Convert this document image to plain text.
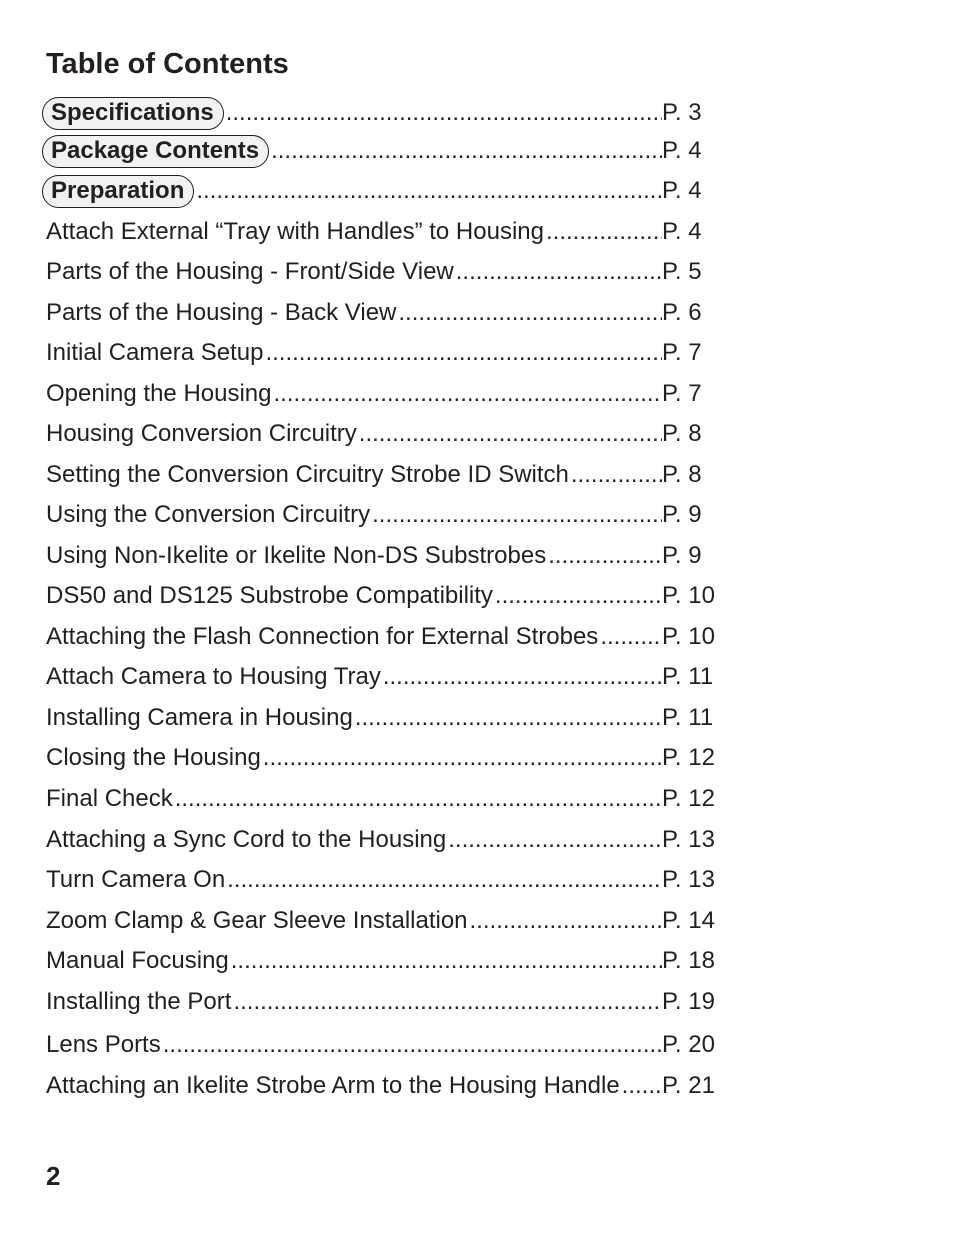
Table of Contents
Specifications .....	P. 3
Package Contents .....	P. 4
Preparation .....	P. 4
Attach External “Tray with Handles” to Housing .....	P. 4
Parts of the Housing - Front/Side View .....	P. 5
Parts of the Housing - Back View .....	P. 6
Initial Camera Setup .....	P. 7
Opening the Housing .....	P. 7
Housing Conversion Circuitry .....	P. 8
Setting the Conversion Circuitry Strobe ID Switch .....	P. 8
Using the Conversion Circuitry .....	P. 9
Using Non-Ikelite or Ikelite Non-DS Substrobes .....	P. 9
DS50 and DS125 Substrobe Compatibility .....	P. 10
Attaching the Flash Connection for External Strobes .....	P. 10
Attach Camera to Housing Tray .....	P. 11
Installing Camera in Housing .....	P. 11
Closing the Housing .....	P. 12
Final Check .....	P. 12
Attaching a Sync Cord to the Housing .....	P. 13
Turn Camera On .....	P. 13
Zoom Clamp & Gear Sleeve Installation .....	P. 14
Manual Focusing .....	P. 18
Installing the Port .....	P. 19
Lens Ports .....	P. 20
Attaching an Ikelite Strobe Arm to the Housing Handle ..... P. 21
2
